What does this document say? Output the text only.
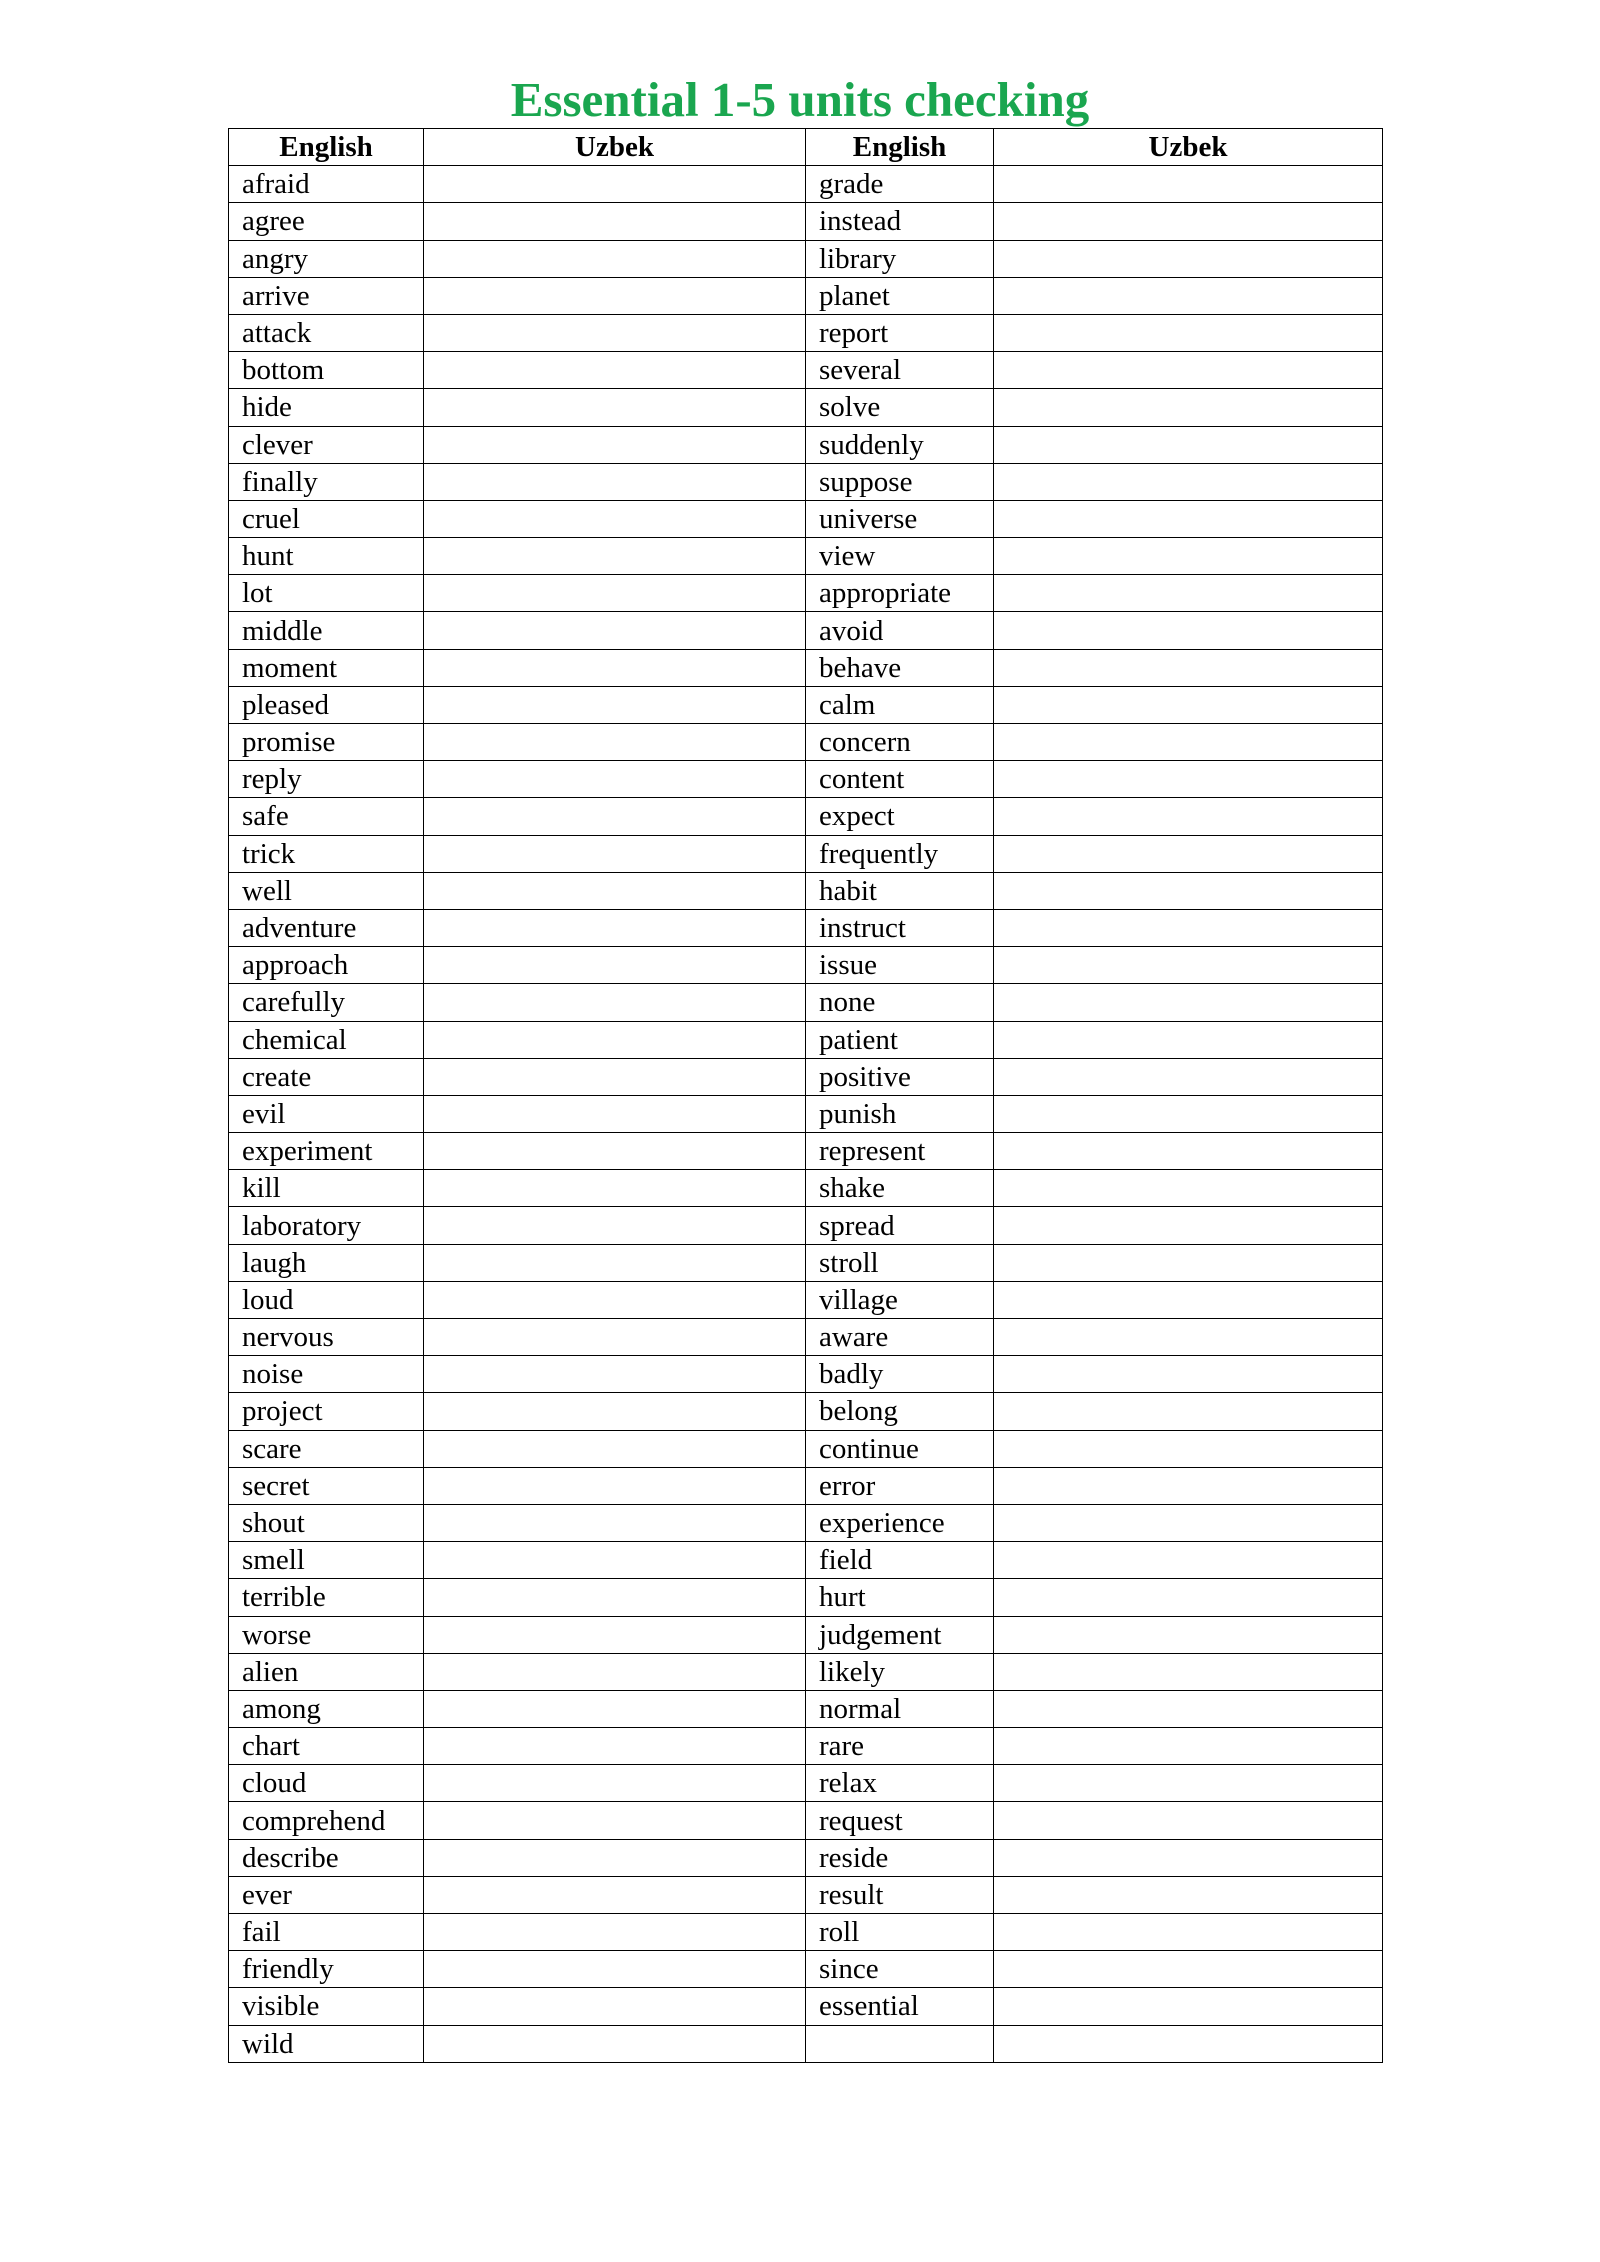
Essential 1-5 units checking
English	Uzbek	English	Uzbek
afraid		grade	
agree		instead	
angry		library	
arrive		planet	
attack		report	
bottom		several	
hide		solve	
clever		suddenly	
finally		suppose	
cruel		universe	
hunt		view	
lot		appropriate	
middle		avoid	
moment		behave	
pleased		calm	
promise		concern	
reply		content	
safe		expect	
trick		frequently	
well		habit	
adventure		instruct	
approach		issue	
carefully		none	
chemical		patient	
create		positive	
evil		punish	
experiment		represent	
kill		shake	
laboratory		spread	
laugh		stroll	
loud		village	
nervous		aware	
noise		badly	
project		belong	
scare		continue	
secret		error	
shout		experience	
smell		field	
terrible		hurt	
worse		judgement	
alien		likely	
among		normal	
chart		rare	
cloud		relax	
comprehend		request	
describe		reside	
ever		result	
fail		roll	
friendly		since	
visible		essential	
wild			
